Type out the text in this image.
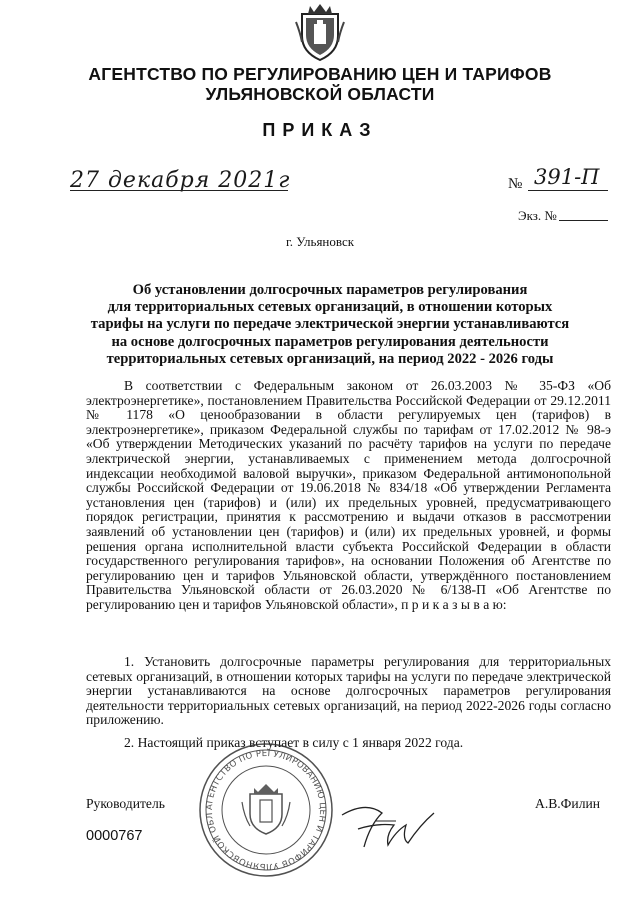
АГЕНТСТВО ПО РЕГУЛИРОВАНИЮ ЦЕН И ТАРИФОВ
УЛЬЯНОВСКОЙ ОБЛАСТИ
ПРИКАЗ
27 декабря 2021г	№ 391-П
Экз. №
г. Ульяновск
Об установлении долгосрочных параметров регулирования
для территориальных сетевых организаций, в отношении которых
тарифы на услуги по передаче электрической энергии устанавливаются
на основе долгосрочных параметров регулирования деятельности
территориальных сетевых организаций, на период 2022 - 2026 годы
В соответствии с Федеральным законом от 26.03.2003 № 35-ФЗ «Об электроэнергетике», постановлением Правительства Российской Федерации от 29.12.2011 № 1178 «О ценообразовании в области регулируемых цен (тарифов) в электроэнергетике», приказом Федеральной службы по тарифам от 17.02.2012 № 98-э «Об утверждении Методических указаний по расчёту тарифов на услуги по передаче электрической энергии, устанавливаемых с применением метода долгосрочной индексации необходимой валовой выручки», приказом Федеральной антимонопольной службы Российской Федерации от 19.06.2018 № 834/18 «Об утверждении Регламента установления цен (тарифов) и (или) их предельных уровней, предусматривающего порядок регистрации, принятия к рассмотрению и выдачи отказов в рассмотрении заявлений об установлении цен (тарифов) и (или) их предельных уровней, и формы решения органа исполнительной власти субъекта Российской Федерации в области государственного регулирования тарифов», на основании Положения об Агентстве по регулированию цен и тарифов Ульяновской области, утверждённого постановлением Правительства Ульяновской области от 26.03.2020 № 6/138-П «Об Агентстве по регулированию цен и тарифов Ульяновской области», п р и к а з ы в а ю:
1. Установить долгосрочные параметры регулирования для территориальных сетевых организаций, в отношении которых тарифы на услуги по передаче электрической энергии устанавливаются на основе долгосрочных параметров регулирования деятельности территориальных сетевых организаций, на период 2022-2026 годы согласно приложению.
2. Настоящий приказ вступает в силу с 1 января 2022 года.
АГЕНТСТВО ПО РЕГУЛИРОВАНИЮ ЦЕН И ТАРИФОВ УЛЬЯНОВСКОЙ ОБЛ
Руководитель	А.В.Филин
0000767
